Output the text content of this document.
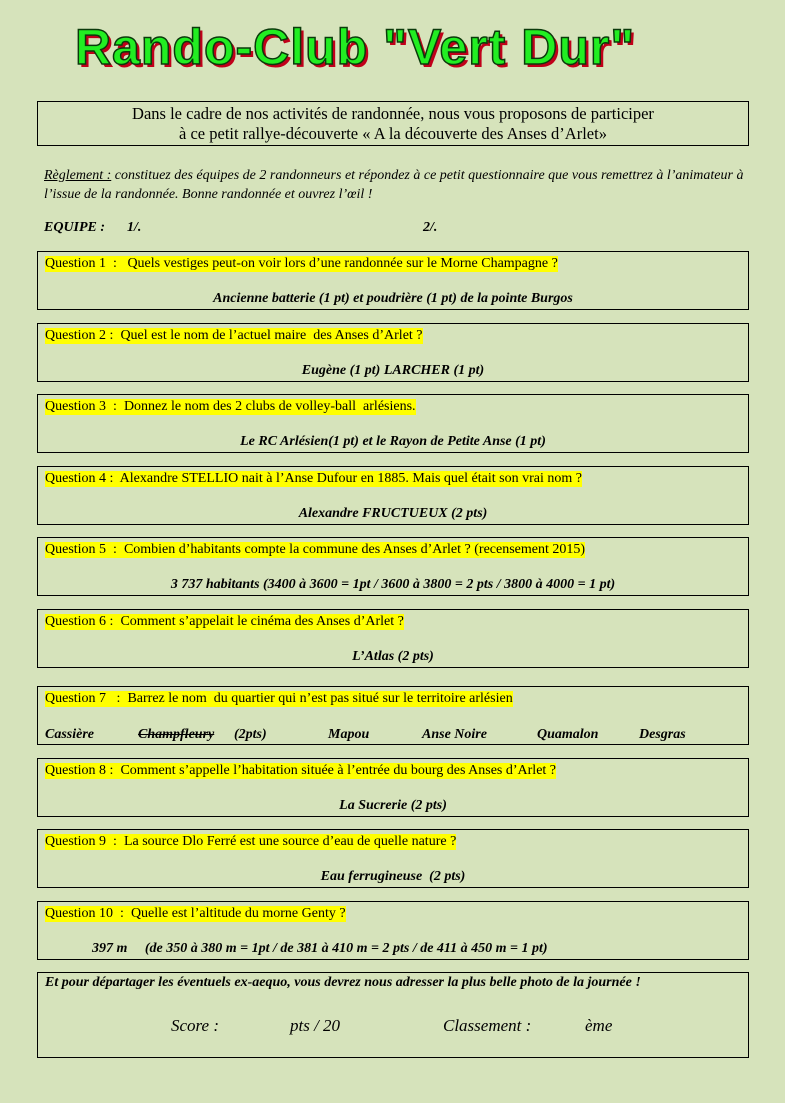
Rando-Club "Vert Dur"
Dans le cadre de nos activités de randonnée, nous vous proposons de participer
à ce petit rallye-découverte « A la découverte des Anses d’Arlet»
Règlement : constituez des équipes de 2 randonneurs et répondez à ce petit questionnaire que vous remettrez à l’animateur à l’issue de la randonnée. Bonne randonnée et ouvrez l’œil !
EQUIPE : 1/.	2/.
Question 1  :   Quels vestiges peut-on voir lors d’une randonnée sur le Morne Champagne ?
Ancienne batterie (1 pt) et poudrière (1 pt) de la pointe Burgos
Question 2 :  Quel est le nom de l’actuel maire  des Anses d’Arlet ?
Eugène (1 pt) LARCHER (1 pt)
Question 3  :  Donnez le nom des 2 clubs de volley-ball  arlésiens.
Le RC Arlésien(1 pt) et le Rayon de Petite Anse (1 pt)
Question 4 :  Alexandre STELLIO nait à l’Anse Dufour en 1885. Mais quel était son vrai nom ?
Alexandre FRUCTUEUX (2 pts)
Question 5  :  Combien d’habitants compte la commune des Anses d’Arlet ? (recensement 2015)
3 737 habitants (3400 à 3600 = 1pt / 3600 à 3800 = 2 pts / 3800 à 4000 = 1 pt)
Question 6 :  Comment s’appelait le cinéma des Anses d’Arlet ?
L’Atlas (2 pts)
Question 7   :  Barrez le nom  du quartier qui n’est pas situé sur le territoire arlésien
Cassière	Champfleury (2pts)	Mapou	Anse Noire	Quamalon	Desgras
Question 8 :  Comment s’appelle l’habitation située à l’entrée du bourg des Anses d’Arlet ?
La Sucrerie (2 pts)
Question 9  :  La source Dlo Ferré est une source d’eau de quelle nature ?
Eau ferrugineuse  (2 pts)
Question 10  :  Quelle est l’altitude du morne Genty ?
397 m     (de 350 à 380 m = 1pt / de 381 à 410 m = 2 pts / de 411 à 450 m = 1 pt)
Et pour départager les éventuels ex-aequo, vous devrez nous adresser la plus belle photo de la journée !
Score :	pts / 20	Classement :	ème
